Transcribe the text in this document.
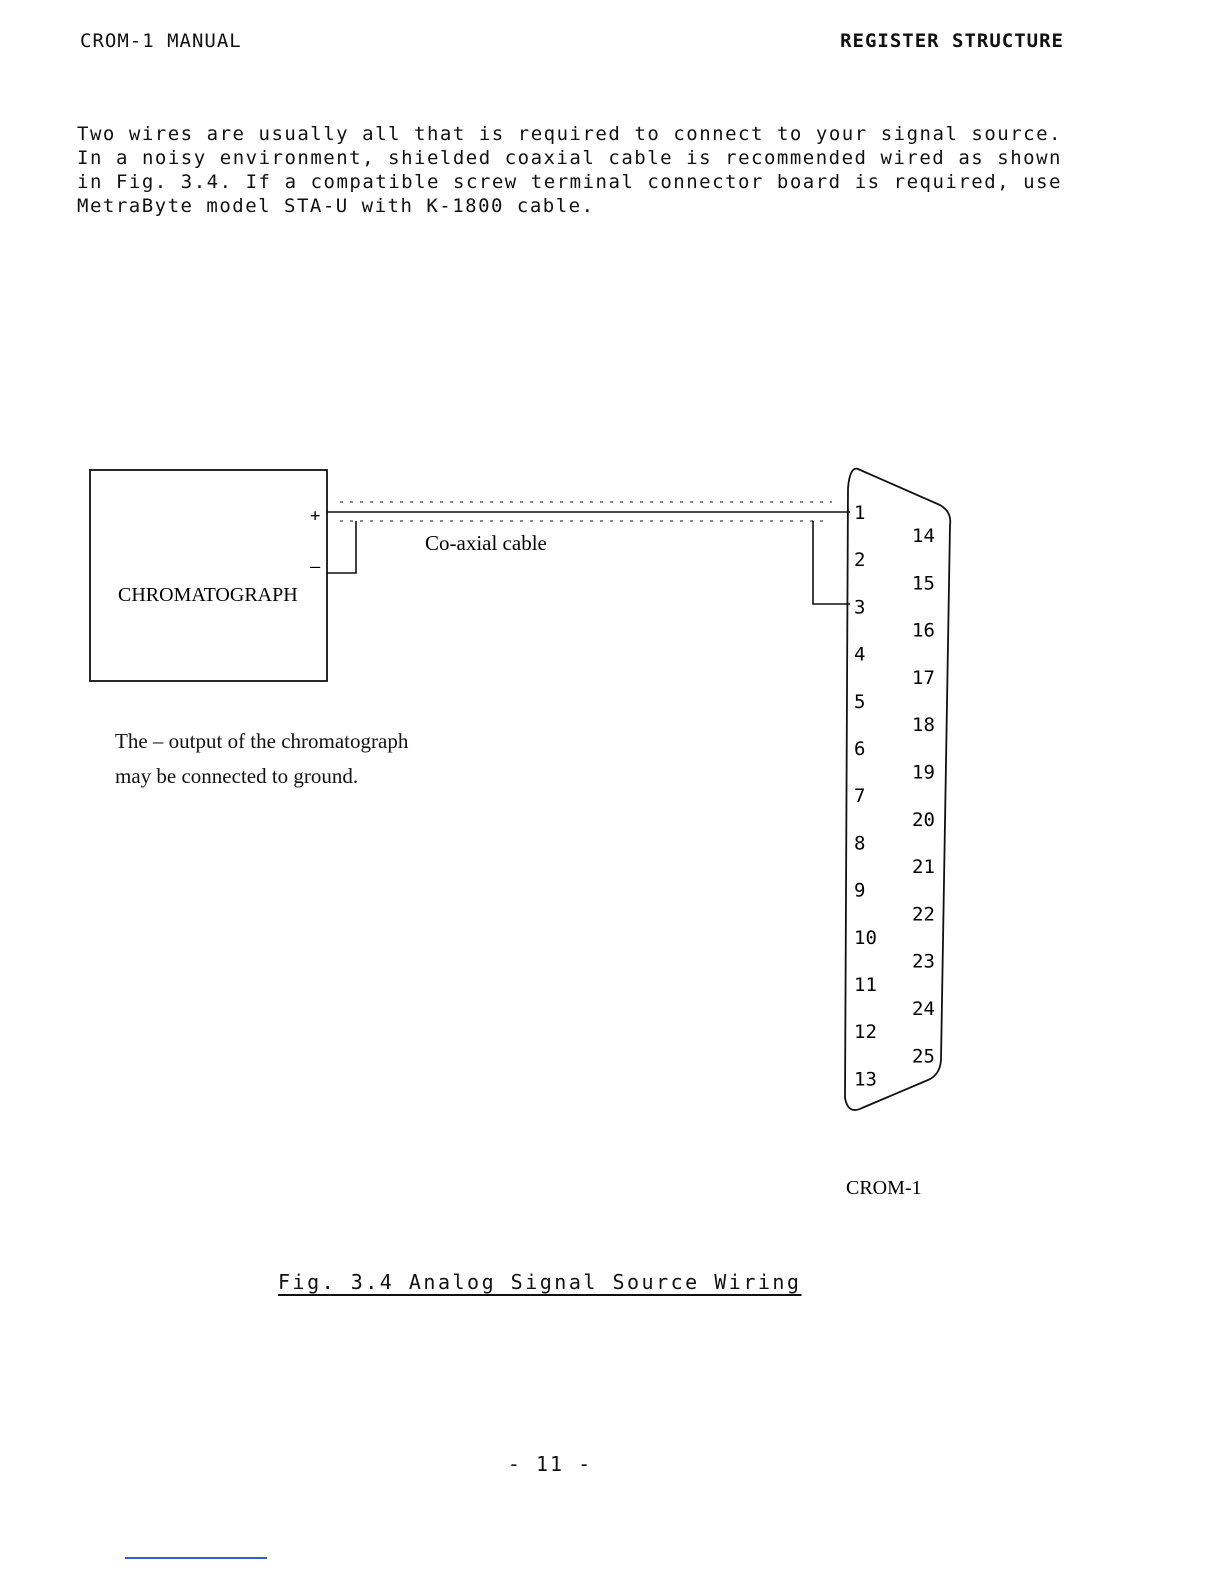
CROM-1 MANUAL	REGISTER STRUCTURE

Two wires are usually all that is required to connect to your signal source. In a noisy environment, shielded coaxial cable is recommended wired as shown in Fig. 3.4. If a compatible screw terminal connector board is required, use MetraByte model STA-U with K-1800 cable.

CHROMATOGRAPH
+
–
Co-axial cable
1
2
3
4
5
6
7
8
9
10
11
12
13
14
15
16
17
18
19
20
21
22
23
24
25
CROM-1
The – output of the chromatograph
may be connected to ground.
Fig. 3.4 Analog Signal Source Wiring
- 11 -
